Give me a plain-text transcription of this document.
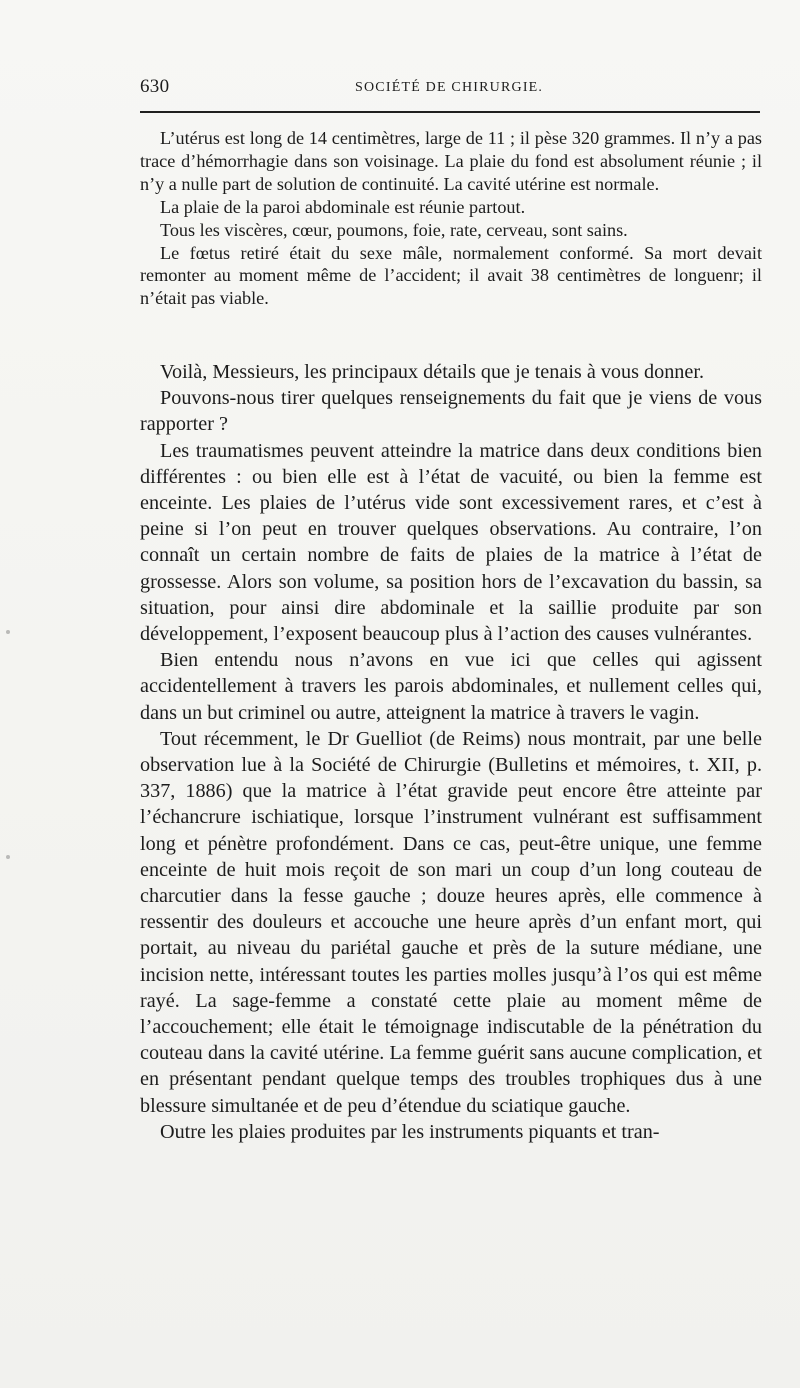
630	SOCIÉTÉ DE CHIRURGIE.

L’utérus est long de 14 centimètres, large de 11 ; il pèse 320 grammes. Il n’y a pas trace d’hémorrhagie dans son voisinage. La plaie du fond est absolument réunie ; il n’y a nulle part de solution de continuité. La cavité utérine est normale.

La plaie de la paroi abdominale est réunie partout.

Tous les viscères, cœur, poumons, foie, rate, cerveau, sont sains.

Le fœtus retiré était du sexe mâle, normalement conformé. Sa mort devait remonter au moment même de l’accident; il avait 38 centimètres de longuenr; il n’était pas viable.

Voilà, Messieurs, les principaux détails que je tenais à vous donner.

Pouvons-nous tirer quelques renseignements du fait que je viens de vous rapporter ?

Les traumatismes peuvent atteindre la matrice dans deux conditions bien différentes : ou bien elle est à l’état de vacuité, ou bien la femme est enceinte. Les plaies de l’utérus vide sont excessivement rares, et c’est à peine si l’on peut en trouver quelques observations. Au contraire, l’on connaît un certain nombre de faits de plaies de la matrice à l’état de grossesse. Alors son volume, sa position hors de l’excavation du bassin, sa situation, pour ainsi dire abdominale et la saillie produite par son développement, l’exposent beaucoup plus à l’action des causes vulnérantes.

Bien entendu nous n’avons en vue ici que celles qui agissent accidentellement à travers les parois abdominales, et nullement celles qui, dans un but criminel ou autre, atteignent la matrice à travers le vagin.

Tout récemment, le Dr Guelliot (de Reims) nous montrait, par une belle observation lue à la Société de Chirurgie (Bulletins et mémoires, t. XII, p. 337, 1886) que la matrice à l’état gravide peut encore être atteinte par l’échancrure ischiatique, lorsque l’instrument vulnérant est suffisamment long et pénètre profondément. Dans ce cas, peut-être unique, une femme enceinte de huit mois reçoit de son mari un coup d’un long couteau de charcutier dans la fesse gauche ; douze heures après, elle commence à ressentir des douleurs et accouche une heure après d’un enfant mort, qui portait, au niveau du pariétal gauche et près de la suture médiane, une incision nette, intéressant toutes les parties molles jusqu’à l’os qui est même rayé. La sage-femme a constaté cette plaie au moment même de l’accouchement; elle était le témoignage indiscutable de la pénétration du couteau dans la cavité utérine. La femme guérit sans aucune complication, et en présentant pendant quelque temps des troubles trophiques dus à une blessure simultanée et de peu d’étendue du sciatique gauche.

Outre les plaies produites par les instruments piquants et tran-
